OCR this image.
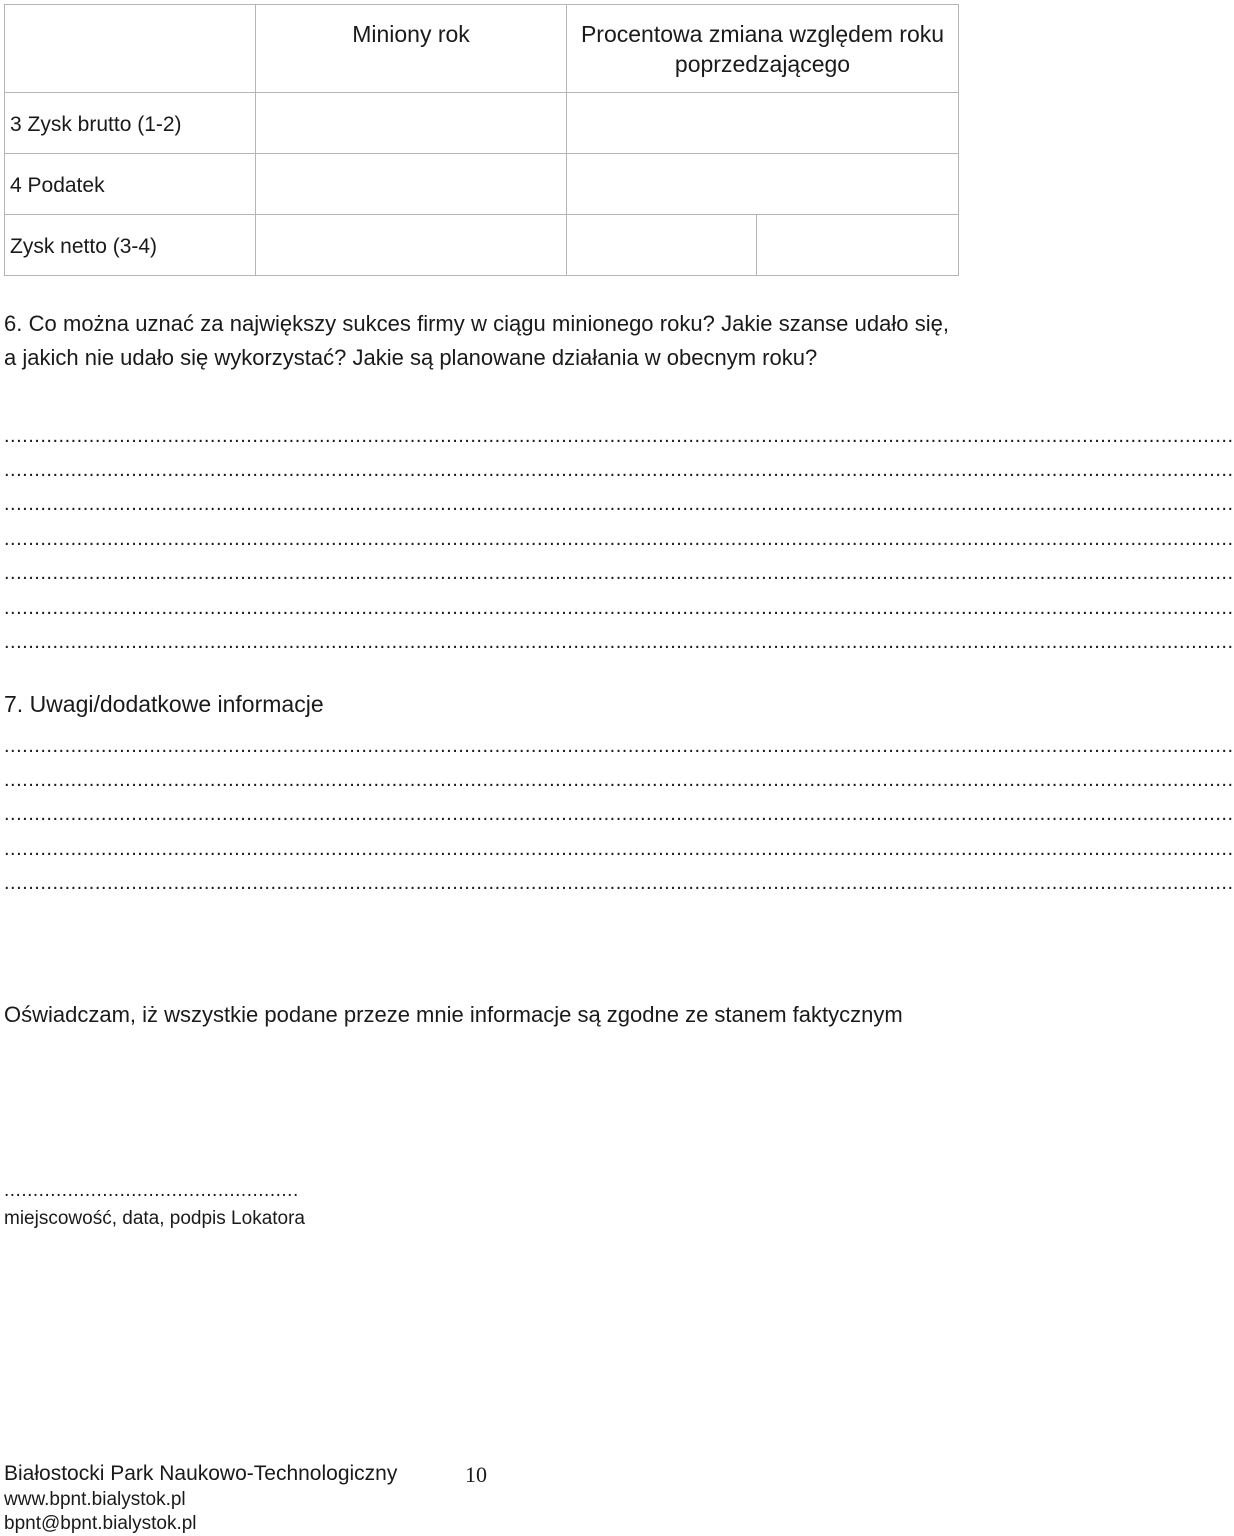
Miniony rok	Procentowa zmiana względem roku poprzedzającego
3 Zysk brutto (1-2)
4 Podatek
Zysk netto (3-4)
6. Co można uznać za największy sukces firmy w ciągu minionego roku? Jakie szanse udało się, a jakich nie udało się wykorzystać? Jakie są planowane działania w obecnym roku?
...........................................................................................................................................................................................................
...........................................................................................................................................................................................................
...........................................................................................................................................................................................................
...........................................................................................................................................................................................................
...........................................................................................................................................................................................................
...........................................................................................................................................................................................................
...........................................................................................................................................................................................................
7. Uwagi/dodatkowe informacje
...........................................................................................................................................................................................................
...........................................................................................................................................................................................................
...........................................................................................................................................................................................................
...........................................................................................................................................................................................................
...........................................................................................................................................................................................................
Oświadczam, iż wszystkie podane przeze mnie informacje są zgodne ze stanem faktycznym
...................................................
miejscowość, data, podpis Lokatora
Białostocki Park Naukowo-Technologiczny	10
www.bpnt.bialystok.pl
bpnt@bpnt.bialystok.pl
